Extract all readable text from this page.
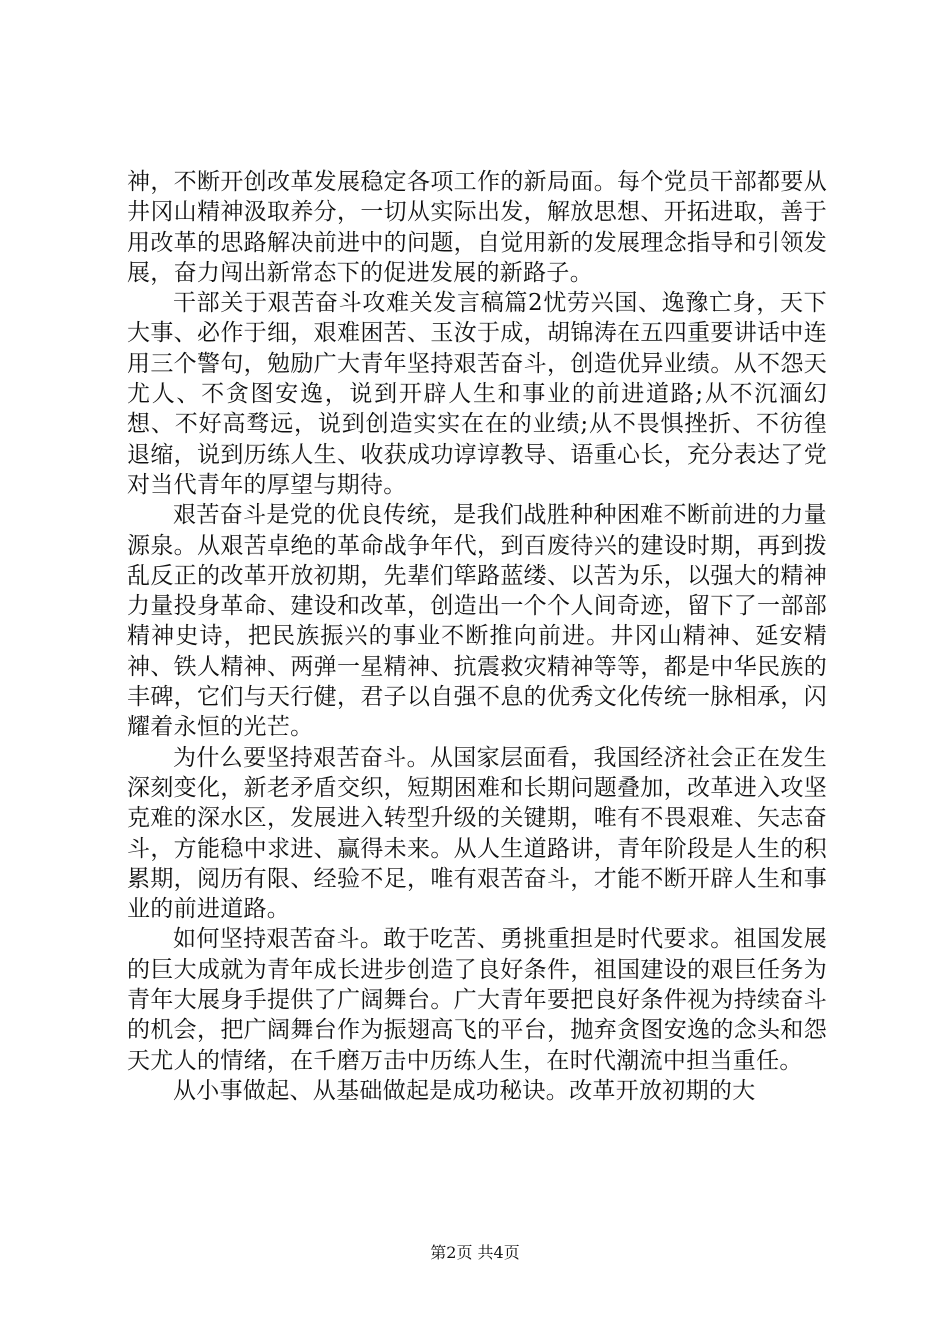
神，不断开创改革发展稳定各项工作的新局面。每个党员干部都要从井冈山精神汲取养分，一切从实际出发，解放思想、开拓进取，善于用改革的思路解决前进中的问题，自觉用新的发展理念指导和引领发展，奋力闯出新常态下的促进发展的新路子。

干部关于艰苦奋斗攻难关发言稿篇2忧劳兴国、逸豫亡身，天下大事、必作于细，艰难困苦、玉汝于成，胡锦涛在五四重要讲话中连用三个警句，勉励广大青年坚持艰苦奋斗，创造优异业绩。从不怨天尤人、不贪图安逸，说到开辟人生和事业的前进道路;从不沉湎幻想、不好高骛远，说到创造实实在在的业绩;从不畏惧挫折、不彷徨退缩，说到历练人生、收获成功谆谆教导、语重心长，充分表达了党对当代青年的厚望与期待。

艰苦奋斗是党的优良传统，是我们战胜种种困难不断前进的力量源泉。从艰苦卓绝的革命战争年代，到百废待兴的建设时期，再到拨乱反正的改革开放初期，先辈们筚路蓝缕、以苦为乐，以强大的精神力量投身革命、建设和改革，创造出一个个人间奇迹，留下了一部部精神史诗，把民族振兴的事业不断推向前进。井冈山精神、延安精神、铁人精神、两弹一星精神、抗震救灾精神等等，都是中华民族的丰碑，它们与天行健，君子以自强不息的优秀文化传统一脉相承，闪耀着永恒的光芒。

为什么要坚持艰苦奋斗。从国家层面看，我国经济社会正在发生深刻变化，新老矛盾交织，短期困难和长期问题叠加，改革进入攻坚克难的深水区，发展进入转型升级的关键期，唯有不畏艰难、矢志奋斗，方能稳中求进、赢得未来。从人生道路讲，青年阶段是人生的积累期，阅历有限、经验不足，唯有艰苦奋斗，才能不断开辟人生和事业的前进道路。

如何坚持艰苦奋斗。敢于吃苦、勇挑重担是时代要求。祖国发展的巨大成就为青年成长进步创造了良好条件，祖国建设的艰巨任务为青年大展身手提供了广阔舞台。广大青年要把良好条件视为持续奋斗的机会，把广阔舞台作为振翅高飞的平台，抛弃贪图安逸的念头和怨天尤人的情绪，在千磨万击中历练人生，在时代潮流中担当重任。

从小事做起、从基础做起是成功秘诀。改革开放初期的大

第2页 共4页
